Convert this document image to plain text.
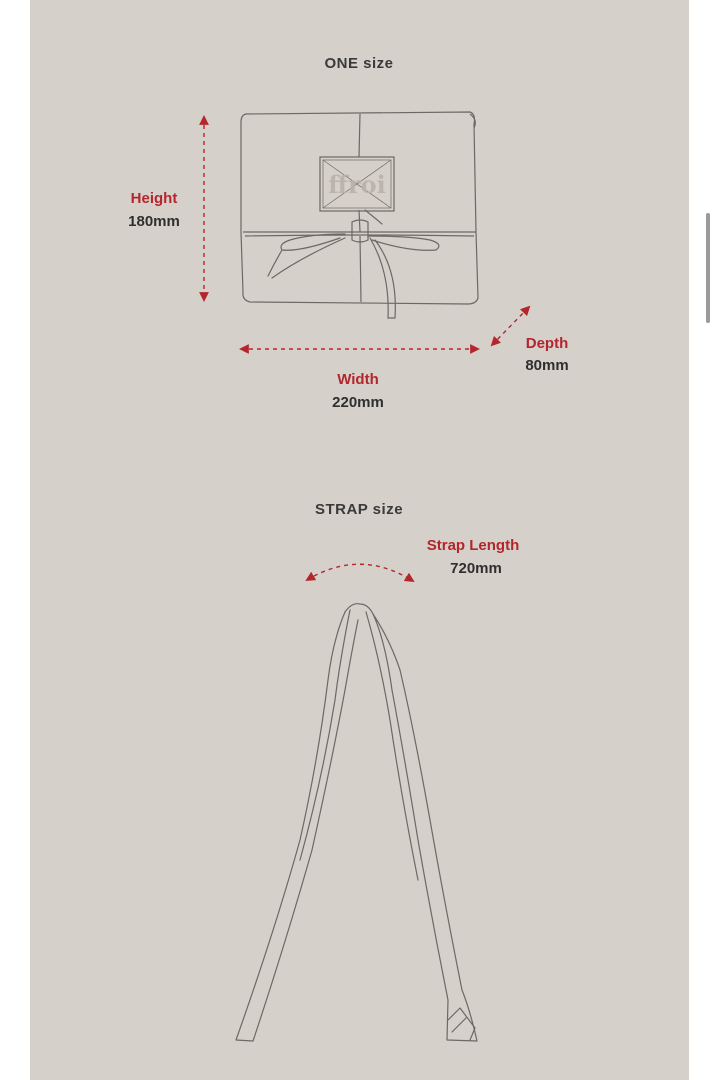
ONE size
Height
180mm
Width
220mm
Depth
80mm
STRAP size
Strap Length
720mm
ffroi
